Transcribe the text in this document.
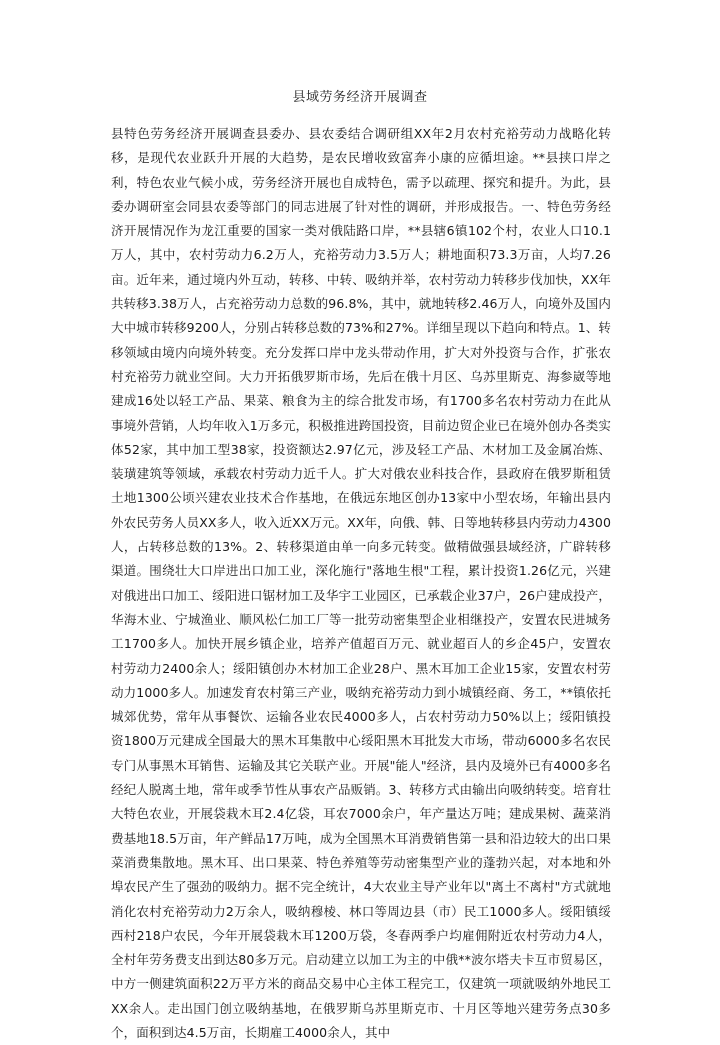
县域劳务经济开展调查

县特色劳务经济开展调查县委办、县农委结合调研组XX年2月农村充裕劳动力战略化转移，是现代农业跃升开展的大趋势，是农民增收致富奔小康的应循坦途。**县挟口岸之利，特色农业气候小成，劳务经济开展也自成特色，需予以疏理、探究和提升。为此，县委办调研室会同县农委等部门的同志进展了针对性的调研，并形成报告。一、特色劳务经济开展情况作为龙江重要的国家一类对俄陆路口岸，**县辖6镇102个村，农业人口10.1万人，其中，农村劳动力6.2万人，充裕劳动力3.5万人；耕地面积73.3万亩，人均7.26亩。近年来，通过境内外互动，转移、中转、吸纳并举，农村劳动力转移步伐加快，XX年共转移3.38万人，占充裕劳动力总数的96.8%，其中，就地转移2.46万人，向境外及国内大中城市转移9200人，分别占转移总数的73%和27%。详细呈现以下趋向和特点。1、转移领域由境内向境外转变。充分发挥口岸中龙头带动作用，扩大对外投资与合作，扩张农村充裕劳力就业空间。大力开拓俄罗斯市场，先后在俄十月区、乌苏里斯克、海参崴等地建成16处以轻工产品、果菜、粮食为主的综合批发市场，有1700多名农村劳动力在此从事境外营销，人均年收入1万多元，积极推进跨国投资，目前边贸企业已在境外创办各类实体52家，其中加工型38家，投资额达2.97亿元，涉及轻工产品、木材加工及金属冶炼、装璜建筑等领域，承载农村劳动力近千人。扩大对俄农业科技合作，县政府在俄罗斯租赁土地1300公顷兴建农业技术合作基地，在俄远东地区创办13家中小型农场，年输出县内外农民劳务人员XX多人，收入近XX万元。XX年，向俄、韩、日等地转移县内劳动力4300人，占转移总数的13%。2、转移渠道由单一向多元转变。做精做强县域经济，广辟转移渠道。围绕壮大口岸进出口加工业，深化施行"落地生根"工程，累计投资1.26亿元，兴建对俄进出口加工、绥阳进口锯材加工及华宇工业园区，已承载企业37户，26户建成投产，华海木业、宁城渔业、顺风松仁加工厂等一批劳动密集型企业相继投产，安置农民进城务工1700多人。加快开展乡镇企业，培养产值超百万元、就业超百人的乡企45户，安置农村劳动力2400余人；绥阳镇创办木材加工企业28户、黑木耳加工企业15家，安置农村劳动力1000多人。加速发育农村第三产业，吸纳充裕劳动力到小城镇经商、务工，**镇依托城郊优势，常年从事餐饮、运输各业农民4000多人，占农村劳动力50%以上；绥阳镇投资1800万元建成全国最大的黑木耳集散中心绥阳黑木耳批发大市场，带动6000多名农民专门从事黑木耳销售、运输及其它关联产业。开展"能人"经济，县内及境外已有4000多名经纪人脱离土地，常年或季节性从事农产品贩销。3、转移方式由输出向吸纳转变。培育壮大特色农业，开展袋栽木耳2.4亿袋，耳农7000余户，年产量达万吨；建成果树、蔬菜消费基地18.5万亩，年产鲜品17万吨，成为全国黑木耳消费销售第一县和沿边较大的出口果菜消费集散地。黑木耳、出口果菜、特色养殖等劳动密集型产业的蓬勃兴起，对本地和外埠农民产生了强劲的吸纳力。据不完全统计，4大农业主导产业年以"离土不离村"方式就地消化农村充裕劳动力2万余人，吸纳穆棱、林口等周边县（市）民工1000多人。绥阳镇绥西村218户农民，今年开展袋栽木耳1200万袋，冬春两季户均雇佣附近农村劳动力4人，全村年劳务费支出到达80多万元。启动建立以加工为主的中俄**波尔塔夫卡互市贸易区，中方一侧建筑面积22万平方米的商品交易中心主体工程完工，仅建筑一项就吸纳外地民工XX余人。走出国门创立吸纳基地，在俄罗斯乌苏里斯克市、十月区等地兴建劳务点30多个，面积到达4.5万亩，长期雇工4000余人，其中
